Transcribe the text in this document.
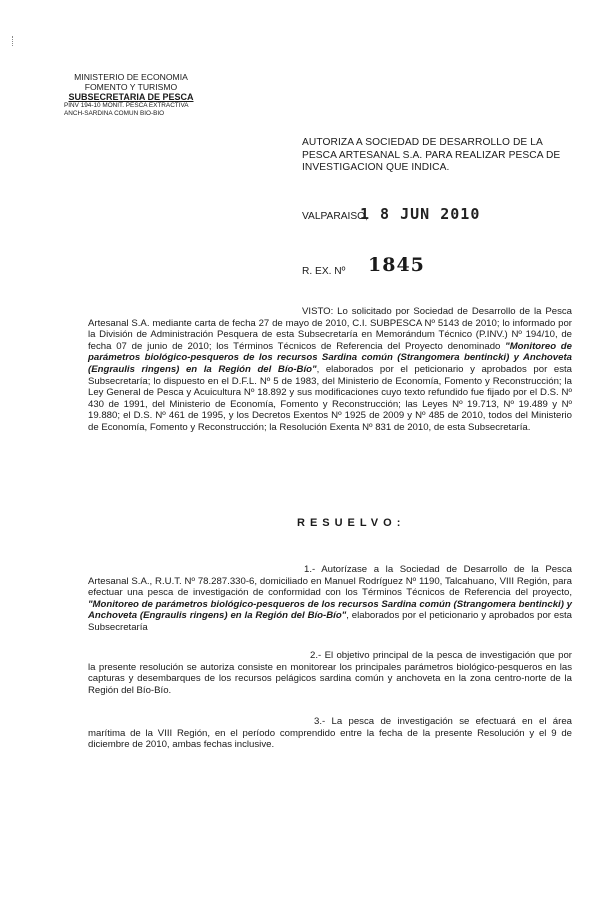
MINISTERIO DE ECONOMIA
FOMENTO Y TURISMO
SUBSECRETARIA DE PESCA
PINV 194-10 MONIT. PESCA EXTRACTIVA
ANCH-SARDINA COMUN BIO-BIO
AUTORIZA A SOCIEDAD DE DESARROLLO DE LA PESCA ARTESANAL S.A. PARA REALIZAR PESCA DE INVESTIGACION QUE INDICA.
VALPARAISO,
1 8 JUN 2010
R. EX. Nº 1845
VISTO: Lo solicitado por Sociedad de Desarrollo de la Pesca Artesanal S.A. mediante carta de fecha 27 de mayo de 2010, C.I. SUBPESCA Nº 5143 de 2010; lo informado por la División de Administración Pesquera de esta Subsecretaría en Memorándum Técnico (P.INV.) Nº 194/10, de fecha 07 de junio de 2010; los Términos Técnicos de Referencia del Proyecto denominado "Monitoreo de parámetros biológico-pesqueros de los recursos Sardina común (Strangomera bentincki) y Anchoveta (Engraulis ringens) en la Región del Bío-Bío", elaborados por el peticionario y aprobados por esta Subsecretaría; lo dispuesto en el D.F.L. Nº 5 de 1983, del Ministerio de Economía, Fomento y Reconstrucción; la Ley General de Pesca y Acuicultura Nº 18.892 y sus modificaciones cuyo texto refundido fue fijado por el D.S. Nº 430 de 1991, del Ministerio de Economía, Fomento y Reconstrucción; las Leyes Nº 19.713, Nº 19.489 y Nº 19.880; el D.S. Nº 461 de 1995, y los Decretos Exentos Nº 1925 de 2009 y Nº 485 de 2010, todos del Ministerio de Economía, Fomento y Reconstrucción; la Resolución Exenta Nº 831 de 2010, de esta Subsecretaría.
RESUELVO:
1.- Autorízase a la Sociedad de Desarrollo de la Pesca Artesanal S.A., R.U.T. Nº 78.287.330-6, domiciliado en Manuel Rodríguez Nº 1190, Talcahuano, VIII Región, para efectuar una pesca de investigación de conformidad con los Términos Técnicos de Referencia del proyecto, "Monitoreo de parámetros biológico-pesqueros de los recursos Sardina común (Strangomera bentincki) y Anchoveta (Engraulis ringens) en la Región del Bío-Bío", elaborados por el peticionario y aprobados por esta Subsecretaría
2.- El objetivo principal de la pesca de investigación que por la presente resolución se autoriza consiste en monitorear los principales parámetros biológico-pesqueros en las capturas y desembarques de los recursos pelágicos sardina común y anchoveta en la zona centro-norte de la Región del Bío-Bío.
3.- La pesca de investigación se efectuará en el área marítima de la VIII Región, en el período comprendido entre la fecha de la presente Resolución y el 9 de diciembre de 2010, ambas fechas inclusive.
